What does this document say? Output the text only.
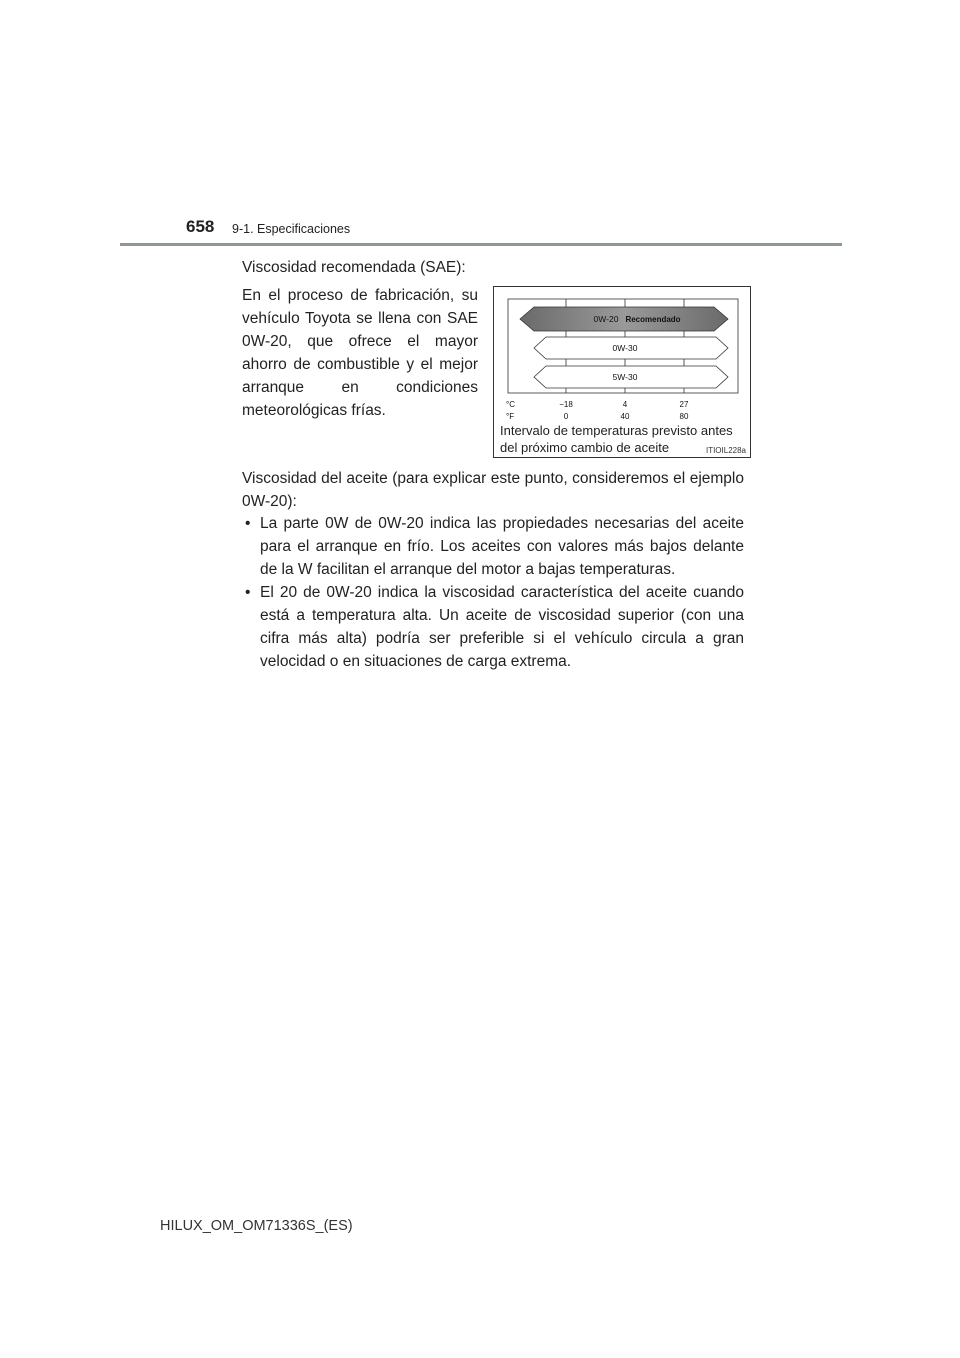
658 9-1. Especificaciones

Viscosidad recomendada (SAE):

En el proceso de fabricación, su vehículo Toyota se llena con SAE 0W-20, que ofrece el mayor ahorro de combustible y el mejor arranque en condiciones meteorológicas frías.

0W-20 Recomendado
0W-30
5W-30
°C	−18	4	27
°F	0	40	80
Intervalo de temperaturas previsto antes del próximo cambio de aceite	ITIOIL228a

Viscosidad del aceite (para explicar este punto, consideremos el ejemplo 0W-20):

• La parte 0W de 0W-20 indica las propiedades necesarias del aceite para el arranque en frío. Los aceites con valores más bajos delante de la W facilitan el arranque del motor a bajas temperaturas.
• El 20 de 0W-20 indica la viscosidad característica del aceite cuando está a temperatura alta. Un aceite de viscosidad superior (con una cifra más alta) podría ser preferible si el vehículo circula a gran velocidad o en situaciones de carga extrema.
HILUX_OM_OM71336S_(ES)
